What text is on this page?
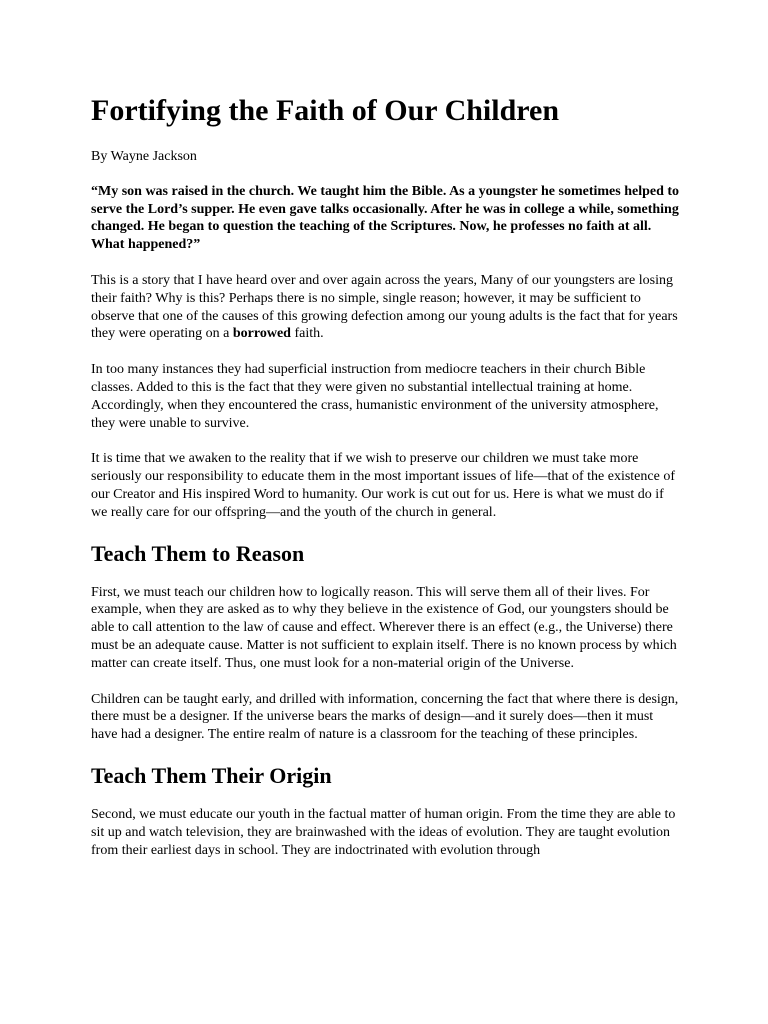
Fortifying the Faith of Our Children

By Wayne Jackson

“My son was raised in the church. We taught him the Bible. As a youngster he sometimes helped to serve the Lord’s supper. He even gave talks occasionally. After he was in college a while, something changed. He began to question the teaching of the Scriptures. Now, he professes no faith at all. What happened?”

This is a story that I have heard over and over again across the years, Many of our youngsters are losing their faith? Why is this? Perhaps there is no simple, single reason; however, it may be sufficient to observe that one of the causes of this growing defection among our young adults is the fact that for years they were operating on a borrowed faith.

In too many instances they had superficial instruction from mediocre teachers in their church Bible classes. Added to this is the fact that they were given no substantial intellectual training at home. Accordingly, when they encountered the crass, humanistic environment of the university atmosphere, they were unable to survive.

It is time that we awaken to the reality that if we wish to preserve our children we must take more seriously our responsibility to educate them in the most important issues of life—that of the existence of our Creator and His inspired Word to humanity. Our work is cut out for us. Here is what we must do if we really care for our offspring—and the youth of the church in general.

Teach Them to Reason

First, we must teach our children how to logically reason. This will serve them all of their lives. For example, when they are asked as to why they believe in the existence of God, our youngsters should be able to call attention to the law of cause and effect. Wherever there is an effect (e.g., the Universe) there must be an adequate cause. Matter is not sufficient to explain itself. There is no known process by which matter can create itself. Thus, one must look for a non-material origin of the Universe.

Children can be taught early, and drilled with information, concerning the fact that where there is design, there must be a designer. If the universe bears the marks of design—and it surely does—then it must have had a designer. The entire realm of nature is a classroom for the teaching of these principles.

Teach Them Their Origin

Second, we must educate our youth in the factual matter of human origin. From the time they are able to sit up and watch television, they are brainwashed with the ideas of evolution. They are taught evolution from their earliest days in school. They are indoctrinated with evolution through
